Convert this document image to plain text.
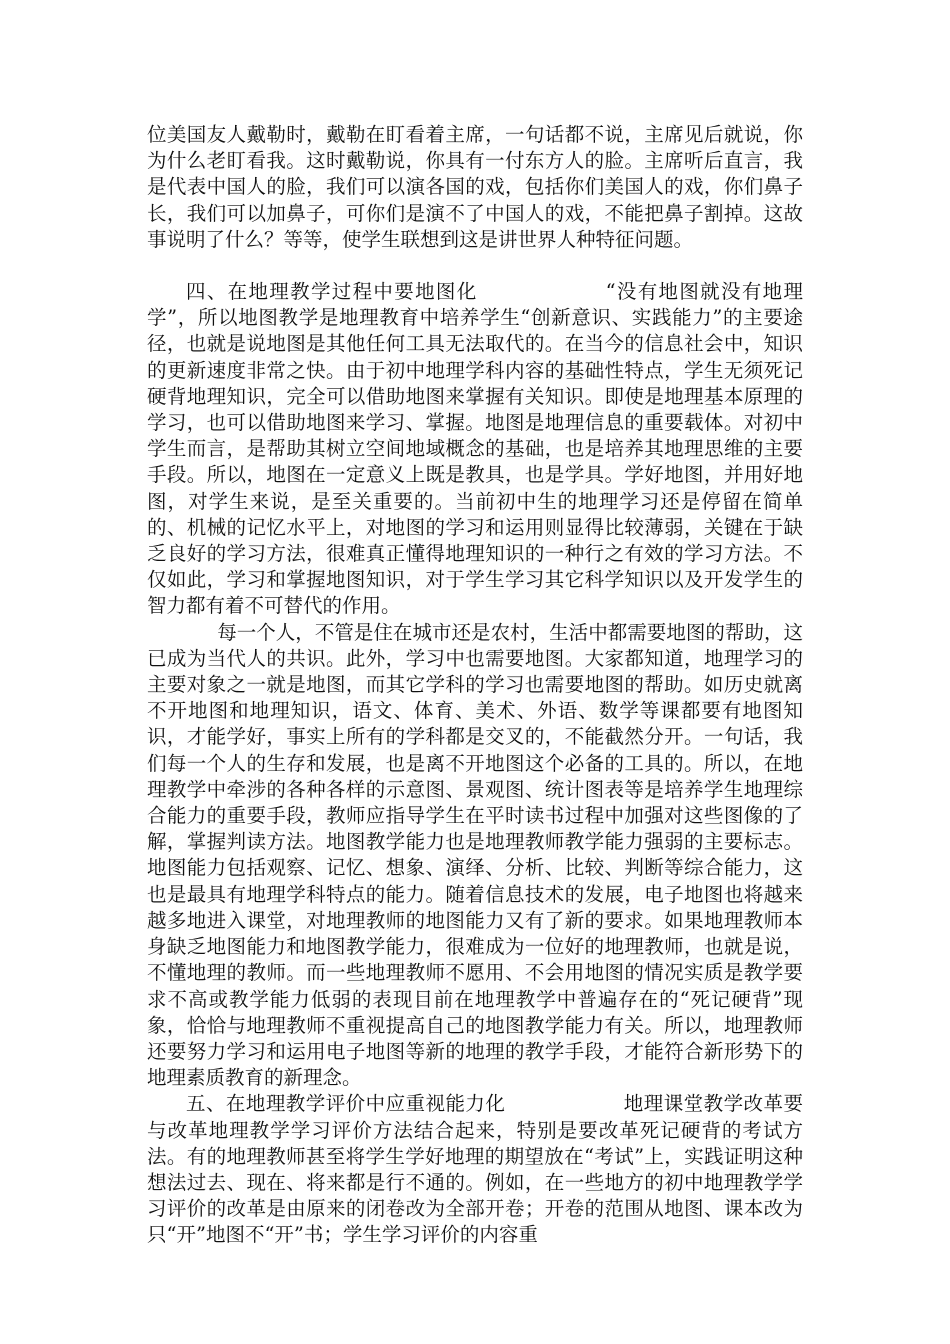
位美国友人戴勒时，戴勒在盯看着主席，一句话都不说，主席见后就说，你为什么老盯看我。这时戴勒说，你具有一付东方人的脸。主席听后直言，我是代表中国人的脸，我们可以演各国的戏，包括你们美国人的戏，你们鼻子长，我们可以加鼻子，可你们是演不了中国人的戏，不能把鼻子割掉。这故事说明了什么？等等，使学生联想到这是讲世界人种特征问题。

四、在地理教学过程中要地图化	“没有地图就没有地理学”，所以地图教学是地理教育中培养学生“创新意识、实践能力”的主要途径，也就是说地图是其他任何工具无法取代的。在当今的信息社会中，知识的更新速度非常之快。由于初中地理学科内容的基础性特点，学生无须死记硬背地理知识，完全可以借助地图来掌握有关知识。即使是地理基本原理的学习，也可以借助地图来学习、掌握。地图是地理信息的重要载体。对初中学生而言，是帮助其树立空间地域概念的基础，也是培养其地理思维的主要手段。所以，地图在一定意义上既是教具，也是学具。学好地图，并用好地图，对学生来说，是至关重要的。当前初中生的地理学习还是停留在简单的、机械的记忆水平上，对地图的学习和运用则显得比较薄弱，关键在于缺乏良好的学习方法，很难真正懂得地理知识的一种行之有效的学习方法。不仅如此，学习和掌握地图知识，对于学生学习其它科学知识以及开发学生的智力都有着不可替代的作用。

每一个人，不管是住在城市还是农村，生活中都需要地图的帮助，这已成为当代人的共识。此外，学习中也需要地图。大家都知道，地理学习的主要对象之一就是地图，而其它学科的学习也需要地图的帮助。如历史就离不开地图和地理知识，语文、体育、美术、外语、数学等课都要有地图知识，才能学好，事实上所有的学科都是交叉的，不能截然分开。一句话，我们每一个人的生存和发展，也是离不开地图这个必备的工具的。所以，在地理教学中牵涉的各种各样的示意图、景观图、统计图表等是培养学生地理综合能力的重要手段，教师应指导学生在平时读书过程中加强对这些图像的了解，掌握判读方法。地图教学能力也是地理教师教学能力强弱的主要标志。地图能力包括观察、记忆、想象、演绎、分析、比较、判断等综合能力，这也是最具有地理学科特点的能力。随着信息技术的发展，电子地图也将越来越多地进入课堂，对地理教师的地图能力又有了新的要求。如果地理教师本身缺乏地图能力和地图教学能力，很难成为一位好的地理教师，也就是说，不懂地理的教师。而一些地理教师不愿用、不会用地图的情况实质是教学要求不高或教学能力低弱的表现目前在地理教学中普遍存在的“死记硬背”现象，恰恰与地理教师不重视提高自己的地图教学能力有关。所以，地理教师还要努力学习和运用电子地图等新的地理的教学手段，才能符合新形势下的地理素质教育的新理念。

五、在地理教学评价中应重视能力化	地理课堂教学改革要与改革地理教学学习评价方法结合起来，特别是要改革死记硬背的考试方法。有的地理教师甚至将学生学好地理的期望放在“考试”上，实践证明这种想法过去、现在、将来都是行不通的。例如，在一些地方的初中地理教学学习评价的改革是由原来的闭卷改为全部开卷；开卷的范围从地图、课本改为只“开”地图不“开”书；学生学习评价的内容重
